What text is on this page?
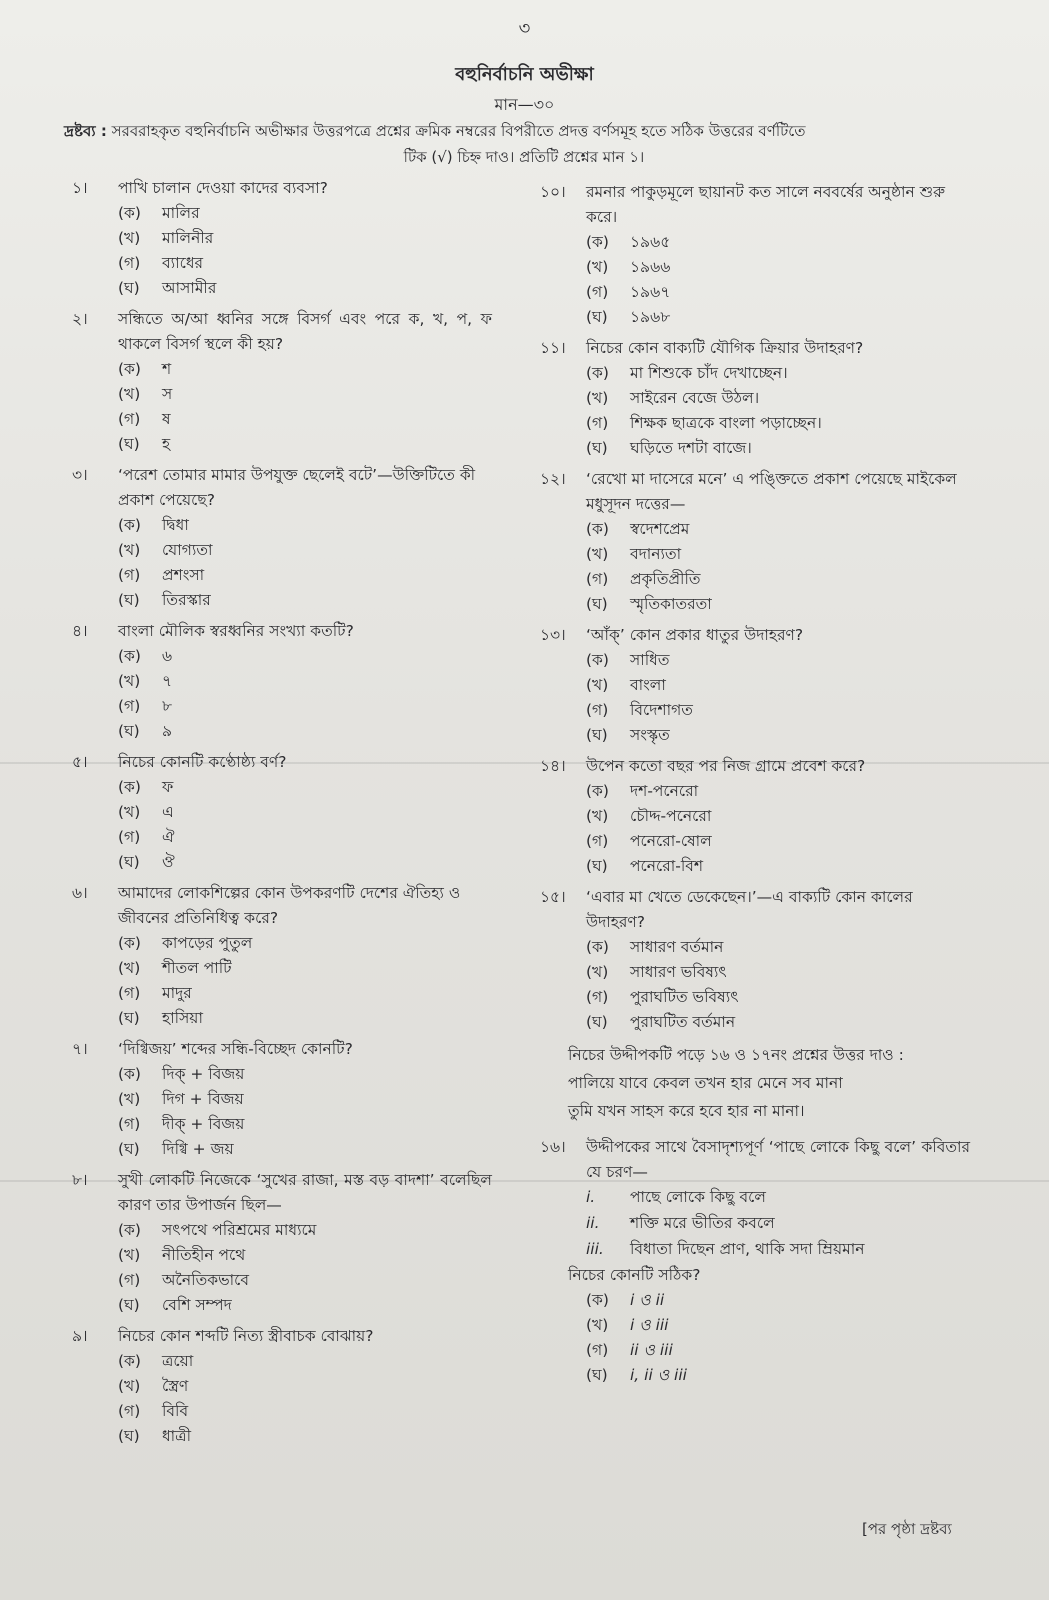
৩
বহুনির্বাচনি অভীক্ষা
মান—৩০
দ্রষ্টব্য : সরবরাহকৃত বহুনির্বাচনি অভীক্ষার উত্তরপত্রে প্রশ্নের ক্রমিক নম্বরের বিপরীতে প্রদত্ত বর্ণসমূহ হতে সঠিক উত্তরের বর্ণটিতে
টিক (√) চিহ্ন দাও। প্রতিটি প্রশ্নের মান ১।
১। পাখি চালান দেওয়া কাদের ব্যবসা?
(ক) মালির
(খ) মালিনীর
(গ) ব্যাধের
(ঘ) আসামীর
২। সন্ধিতে অ/আ ধ্বনির সঙ্গে বিসর্গ এবং পরে ক, খ, প, ফ থাকলে বিসর্গ স্থলে কী হয়?
(ক) শ
(খ) স
(গ) ষ
(ঘ) হ
৩। ‘পরেশ তোমার মামার উপযুক্ত ছেলেই বটে’—উক্তিটিতে কী প্রকাশ পেয়েছে?
(ক) দ্বিধা
(খ) যোগ্যতা
(গ) প্রশংসা
(ঘ) তিরস্কার
৪। বাংলা মৌলিক স্বরধ্বনির সংখ্যা কতটি?
(ক) ৬
(খ) ৭
(গ) ৮
(ঘ) ৯
৫। নিচের কোনটি কণ্ঠোষ্ঠ্য বর্ণ?
(ক) ফ
(খ) এ
(গ) ঐ
(ঘ) ঔ
৬। আমাদের লোকশিল্পের কোন উপকরণটি দেশের ঐতিহ্য ও জীবনের প্রতিনিধিত্ব করে?
(ক) কাপড়ের পুতুল
(খ) শীতল পাটি
(গ) মাদুর
(ঘ) হাসিয়া
৭। ‘দিগ্বিজয়’ শব্দের সন্ধি-বিচ্ছেদ কোনটি?
(ক) দিক্ + বিজয়
(খ) দিগ + বিজয়
(গ) দীক্ + বিজয়
(ঘ) দিগ্বি + জয়
৮। সুখী লোকটি নিজেকে ‘সুখের রাজা, মস্ত বড় বাদশা’ বলেছিল কারণ তার উপার্জন ছিল—
(ক) সৎপথে পরিশ্রমের মাধ্যমে
(খ) নীতিহীন পথে
(গ) অনৈতিকভাবে
(ঘ) বেশি সম্পদ
৯। নিচের কোন শব্দটি নিত্য স্ত্রীবাচক বোঝায়?
(ক) ত্রয়ো
(খ) স্ত্রৈণ
(গ) বিবি
(ঘ) ধাত্রী
১০। রমনার পাকুড়মূলে ছায়ানট কত সালে নববর্ষের অনুষ্ঠান শুরু করে।
(ক) ১৯৬৫
(খ) ১৯৬৬
(গ) ১৯৬৭
(ঘ) ১৯৬৮
১১। নিচের কোন বাক্যটি যৌগিক ক্রিয়ার উদাহরণ?
(ক) মা শিশুকে চাঁদ দেখাচ্ছেন।
(খ) সাইরেন বেজে উঠল।
(গ) শিক্ষক ছাত্রকে বাংলা পড়াচ্ছেন।
(ঘ) ঘড়িতে দশটা বাজে।
১২। ‘রেখো মা দাসেরে মনে’ এ পঙ্ক্তিতে প্রকাশ পেয়েছে মাইকেল মধুসূদন দত্তের—
(ক) স্বদেশপ্রেম
(খ) বদান্যতা
(গ) প্রকৃতিপ্রীতি
(ঘ) স্মৃতিকাতরতা
১৩। ‘আঁক্’ কোন প্রকার ধাতুর উদাহরণ?
(ক) সাধিত
(খ) বাংলা
(গ) বিদেশাগত
(ঘ) সংস্কৃত
১৪। উপেন কতো বছর পর নিজ গ্রামে প্রবেশ করে?
(ক) দশ-পনেরো
(খ) চৌদ্দ-পনেরো
(গ) পনেরো-ষোল
(ঘ) পনেরো-বিশ
১৫। ‘এবার মা খেতে ডেকেছেন।’—এ বাক্যটি কোন কালের উদাহরণ?
(ক) সাধারণ বর্তমান
(খ) সাধারণ ভবিষ্যৎ
(গ) পুরাঘটিত ভবিষ্যৎ
(ঘ) পুরাঘটিত বর্তমান
নিচের উদ্দীপকটি পড়ে ১৬ ও ১৭নং প্রশ্নের উত্তর দাও :
পালিয়ে যাবে কেবল তখন হার মেনে সব মানা
তুমি যখন সাহস করে হবে হার না মানা।
১৬। উদ্দীপকের সাথে বৈসাদৃশ্যপূর্ণ ‘পাছে লোকে কিছু বলে’ কবিতার যে চরণ—
i. পাছে লোকে কিছু বলে
ii. শক্তি মরে ভীতির কবলে
iii. বিধাতা দিছেন প্রাণ, থাকি সদা ম্রিয়মান
নিচের কোনটি সঠিক?
(ক) i ও ii
(খ) i ও iii
(গ) ii ও iii
(ঘ) i, ii ও iii
[পর পৃষ্ঠা দ্রষ্টব্য
